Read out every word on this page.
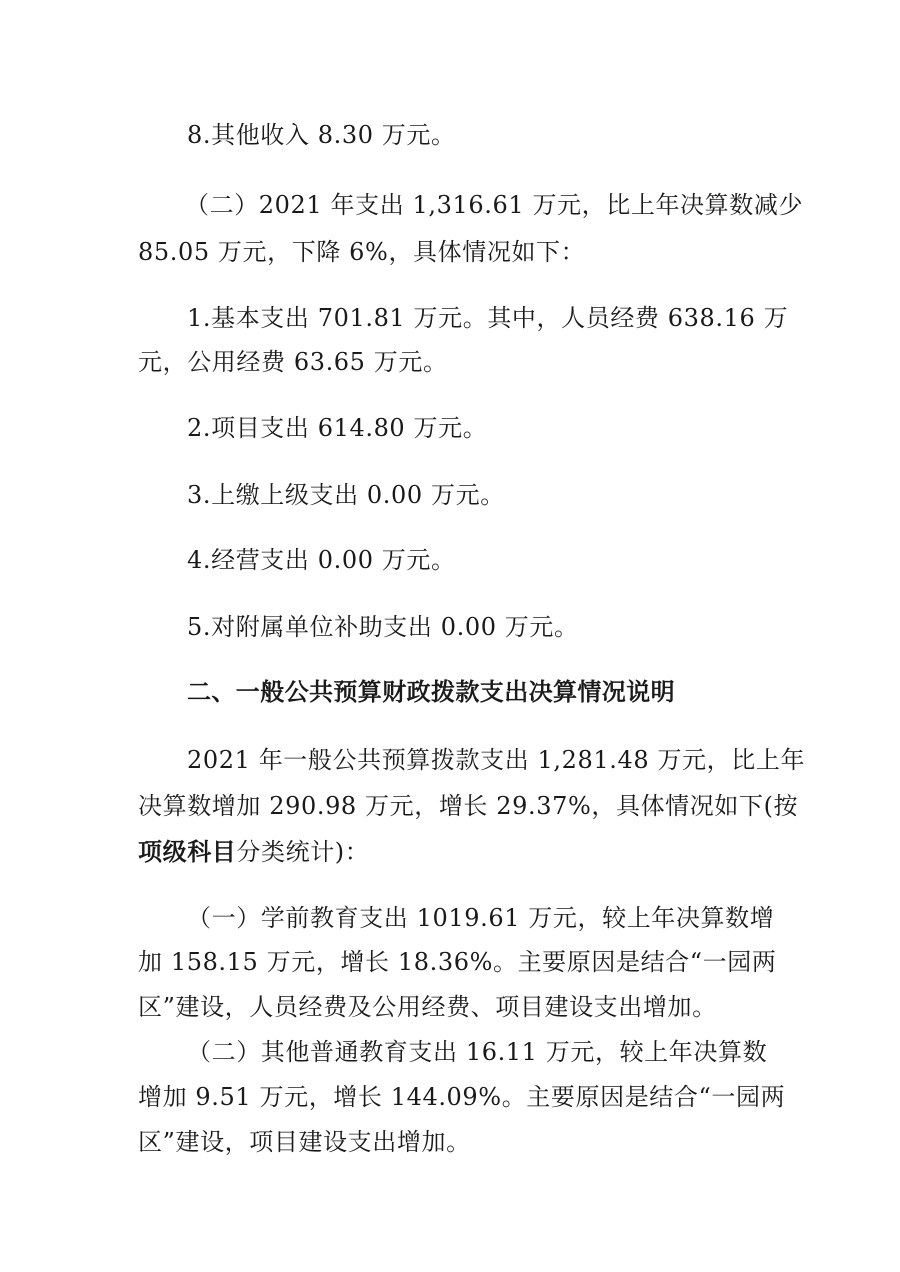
8.其他收入 8.30 万元。
（二）2021 年支出 1,316.61 万元，比上年决算数减少
85.05 万元，下降 6%，具体情况如下：
1.基本支出 701.81 万元。其中，人员经费 638.16 万
元，公用经费 63.65 万元。
2.项目支出 614.80 万元。
3.上缴上级支出 0.00 万元。
4.经营支出 0.00 万元。
5.对附属单位补助支出 0.00 万元。
二、一般公共预算财政拨款支出决算情况说明
2021 年一般公共预算拨款支出 1,281.48 万元，比上年
决算数增加 290.98 万元，增长 29.37%，具体情况如下(按
项级科目分类统计)：
（一）学前教育支出 1019.61 万元，较上年决算数增
加 158.15 万元，增长 18.36%。主要原因是结合“一园两
区”建设，人员经费及公用经费、项目建设支出增加。
（二）其他普通教育支出 16.11 万元，较上年决算数
增加 9.51 万元，增长 144.09%。主要原因是结合“一园两
区”建设，项目建设支出增加。
